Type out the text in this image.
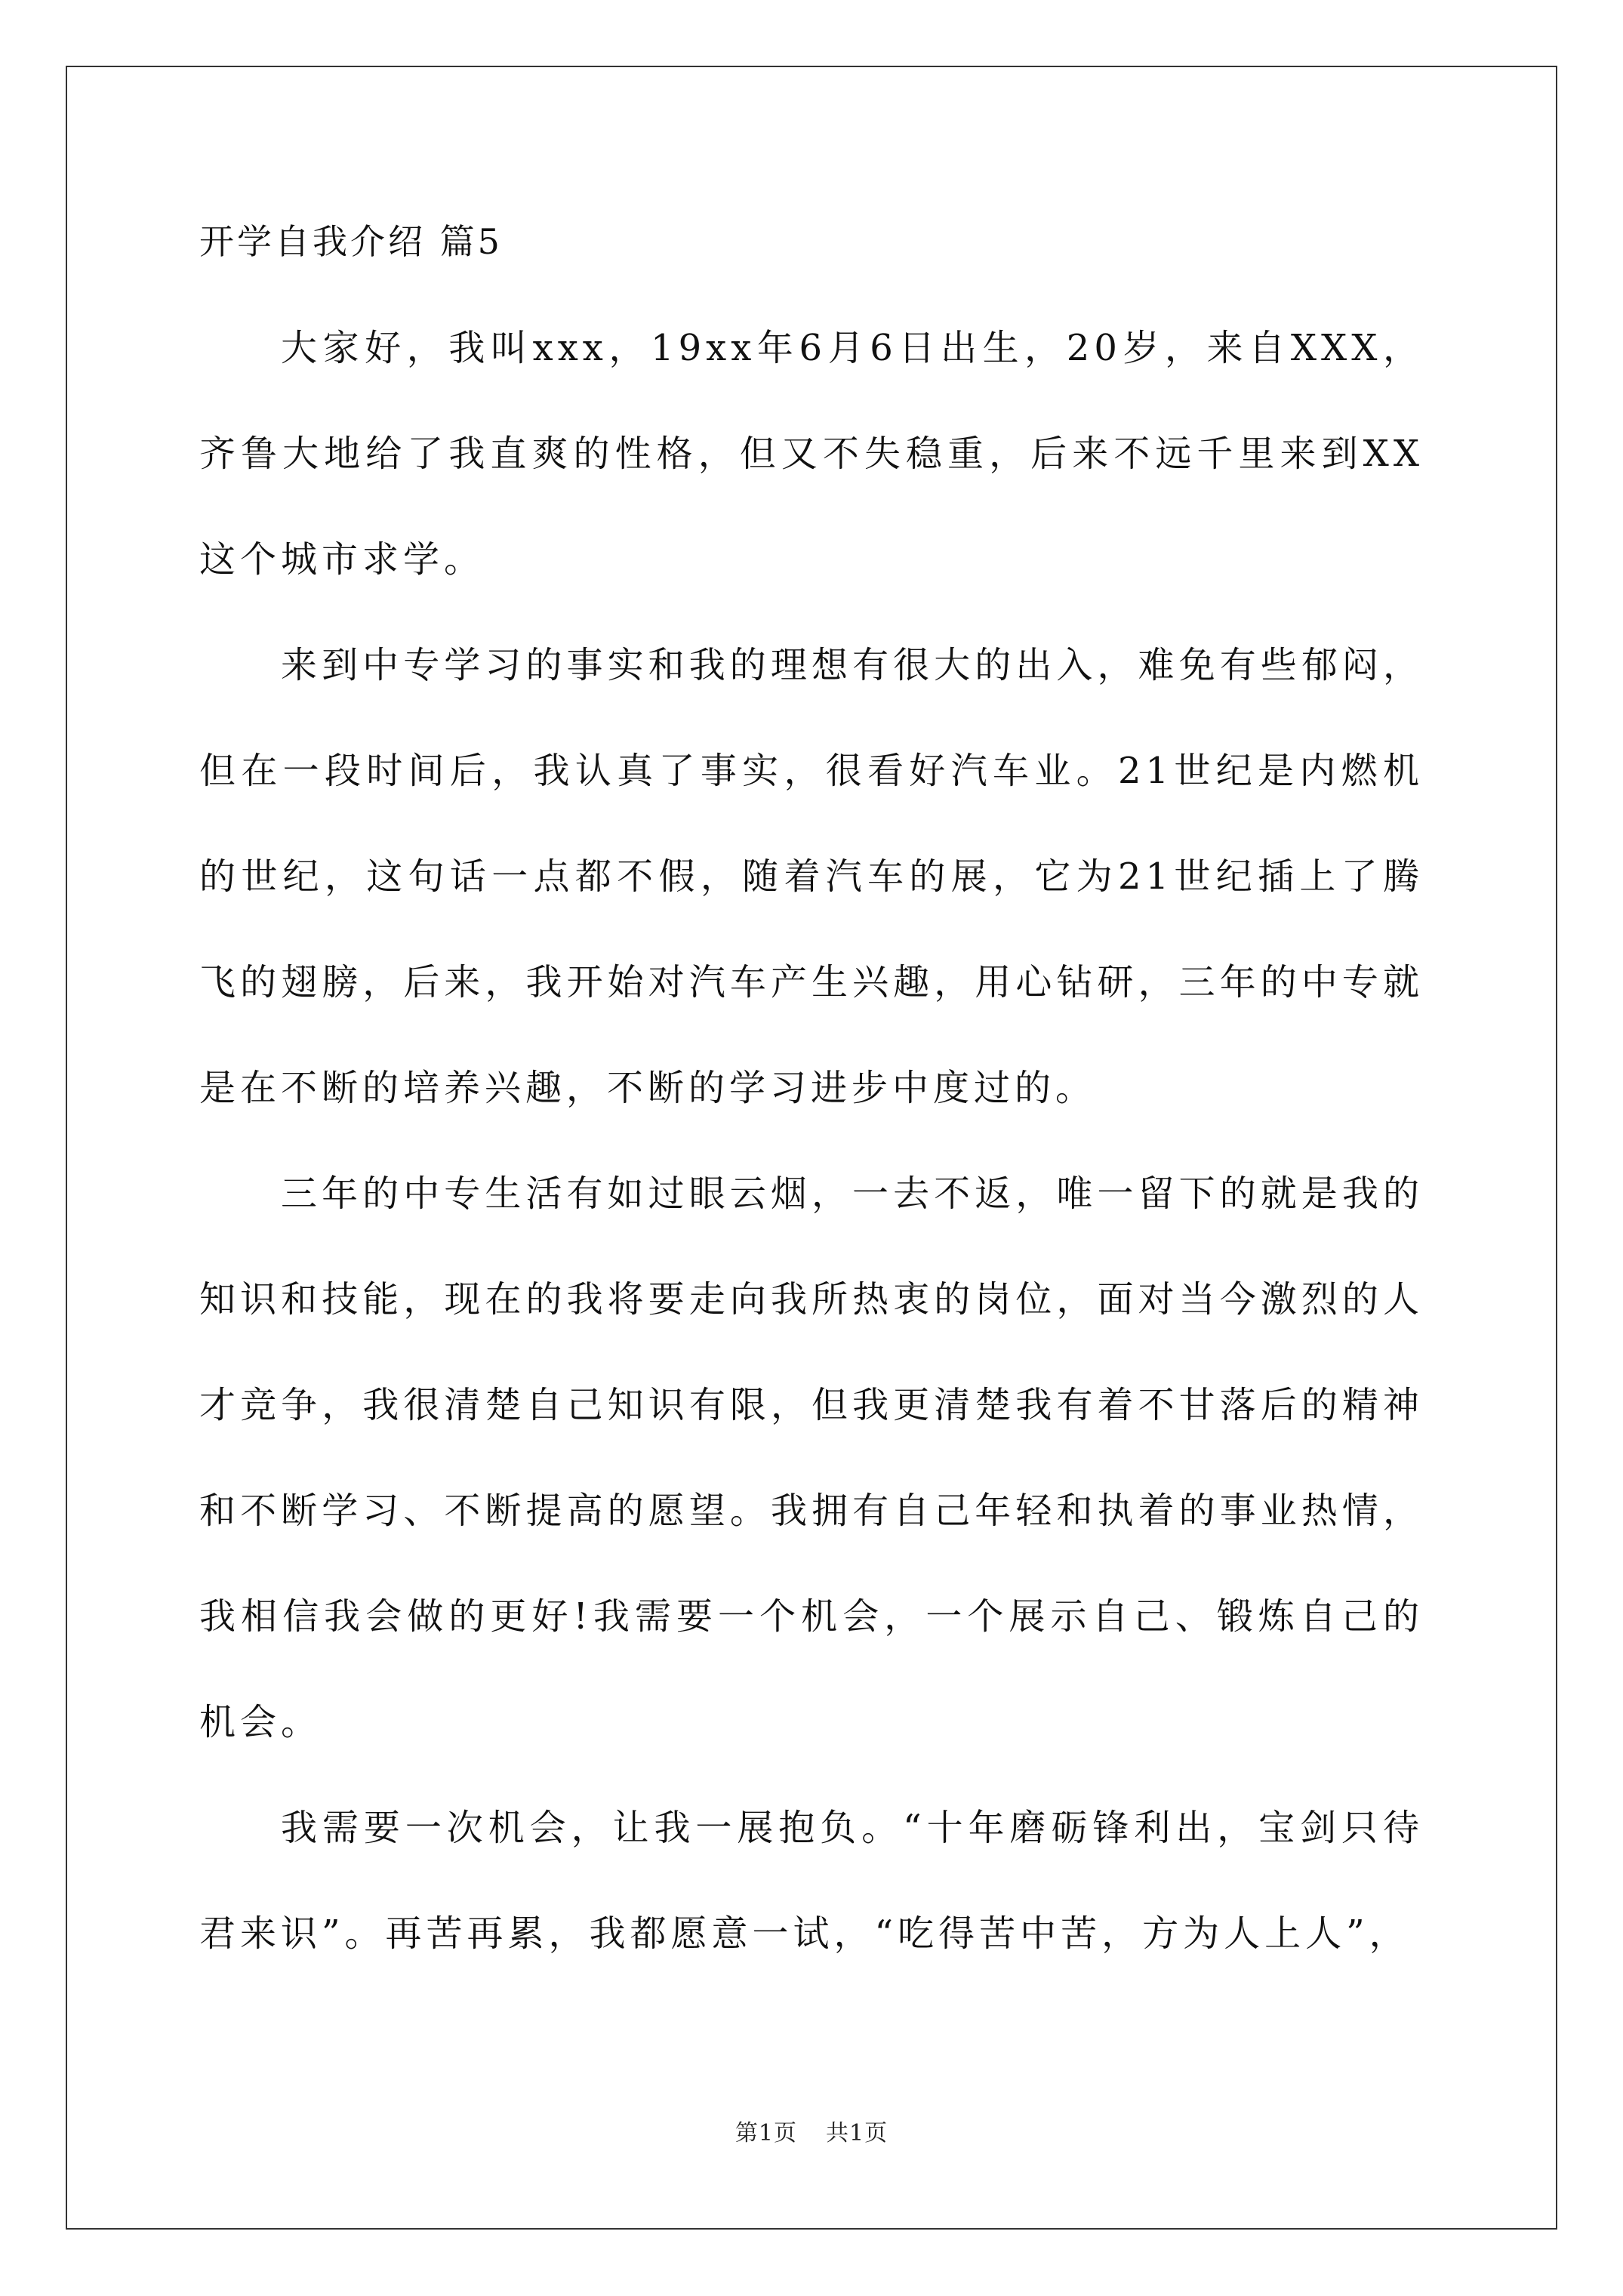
开学自我介绍 篇5

大家好，我叫xxx，19xx年6月6日出生，20岁，来自XXX，齐鲁大地给了我直爽的性格，但又不失稳重，后来不远千里来到XX这个城市求学。

来到中专学习的事实和我的理想有很大的出入，难免有些郁闷，但在一段时间后，我认真了事实，很看好汽车业。21世纪是内燃机的世纪，这句话一点都不假，随着汽车的展，它为21世纪插上了腾飞的翅膀，后来，我开始对汽车产生兴趣，用心钻研，三年的中专就是在不断的培养兴趣，不断的学习进步中度过的。

三年的中专生活有如过眼云烟，一去不返，唯一留下的就是我的知识和技能，现在的我将要走向我所热衷的岗位，面对当今激烈的人才竞争，我很清楚自己知识有限，但我更清楚我有着不甘落后的精神和不断学习、不断提高的愿望。我拥有自己年轻和执着的事业热情，我相信我会做的更好!我需要一个机会，一个展示自己、锻炼自己的机会。

我需要一次机会，让我一展抱负。“十年磨砺锋利出，宝剑只待君来识”。再苦再累，我都愿意一试，“吃得苦中苦，方为人上人”，

第1页 共1页
